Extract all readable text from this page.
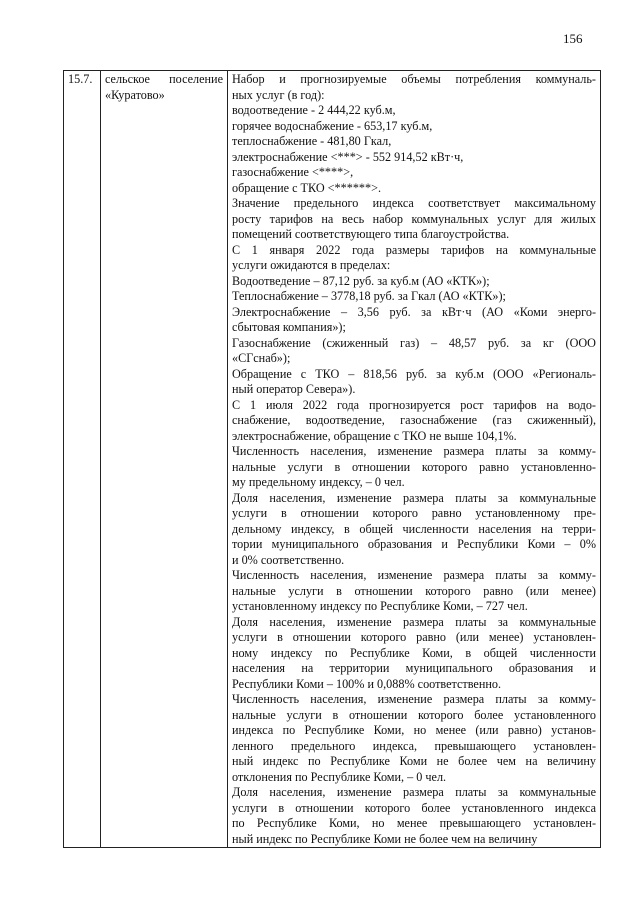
156
15.7.	сельское поселение
«Куратово»

Набор и прогнозируемые объемы потребления коммуналь-
ных услуг (в год):
водоотведение - 2 444,22 куб.м,
горячее водоснабжение - 653,17 куб.м,
теплоснабжение - 481,80 Гкал,
электроснабжение <***> - 552 914,52 кВт·ч,
газоснабжение <****>,
обращение с ТКО <******>.
Значение предельного индекса соответствует максимальному
росту тарифов на весь набор коммунальных услуг для жилых
помещений соответствующего типа благоустройства.
С 1 января 2022 года размеры тарифов на коммунальные
услуги ожидаются в пределах:
Водоотведение – 87,12 руб. за куб.м (АО «КТК»);
Теплоснабжение – 3778,18 руб. за Гкал (АО «КТК»);
Электроснабжение – 3,56 руб. за кВт·ч (АО «Коми энерго-
сбытовая компания»);
Газоснабжение (сжиженный газ) – 48,57 руб. за кг (ООО
«СГснаб»);
Обращение с ТКО – 818,56 руб. за куб.м (ООО «Региональ-
ный оператор Севера»).
С 1 июля 2022 года прогнозируется рост тарифов на водо-
снабжение, водоотведение, газоснабжение (газ сжиженный),
электроснабжение, обращение с ТКО не выше 104,1%.
Численность населения, изменение размера платы за комму-
нальные услуги в отношении которого равно установленно-
му предельному индексу, – 0 чел.
Доля населения, изменение размера платы за коммунальные
услуги в отношении которого равно установленному пре-
дельному индексу, в общей численности населения на терри-
тории муниципального образования и Республики Коми – 0%
и 0% соответственно.
Численность населения, изменение размера платы за комму-
нальные услуги в отношении которого равно (или менее)
установленному индексу по Республике Коми, – 727 чел.
Доля населения, изменение размера платы за коммунальные
услуги в отношении которого равно (или менее) установлен-
ному индексу по Республике Коми, в общей численности
населения на территории муниципального образования и
Республики Коми – 100% и 0,088% соответственно.
Численность населения, изменение размера платы за комму-
нальные услуги в отношении которого более установленного
индекса по Республике Коми, но менее (или равно) установ-
ленного предельного индекса, превышающего установлен-
ный индекс по Республике Коми не более чем на величину
отклонения по Республике Коми, – 0 чел.
Доля населения, изменение размера платы за коммунальные
услуги в отношении которого более установленного индекса
по Республике Коми, но менее превышающего установлен-
ный индекс по Республике Коми не более чем на величину
